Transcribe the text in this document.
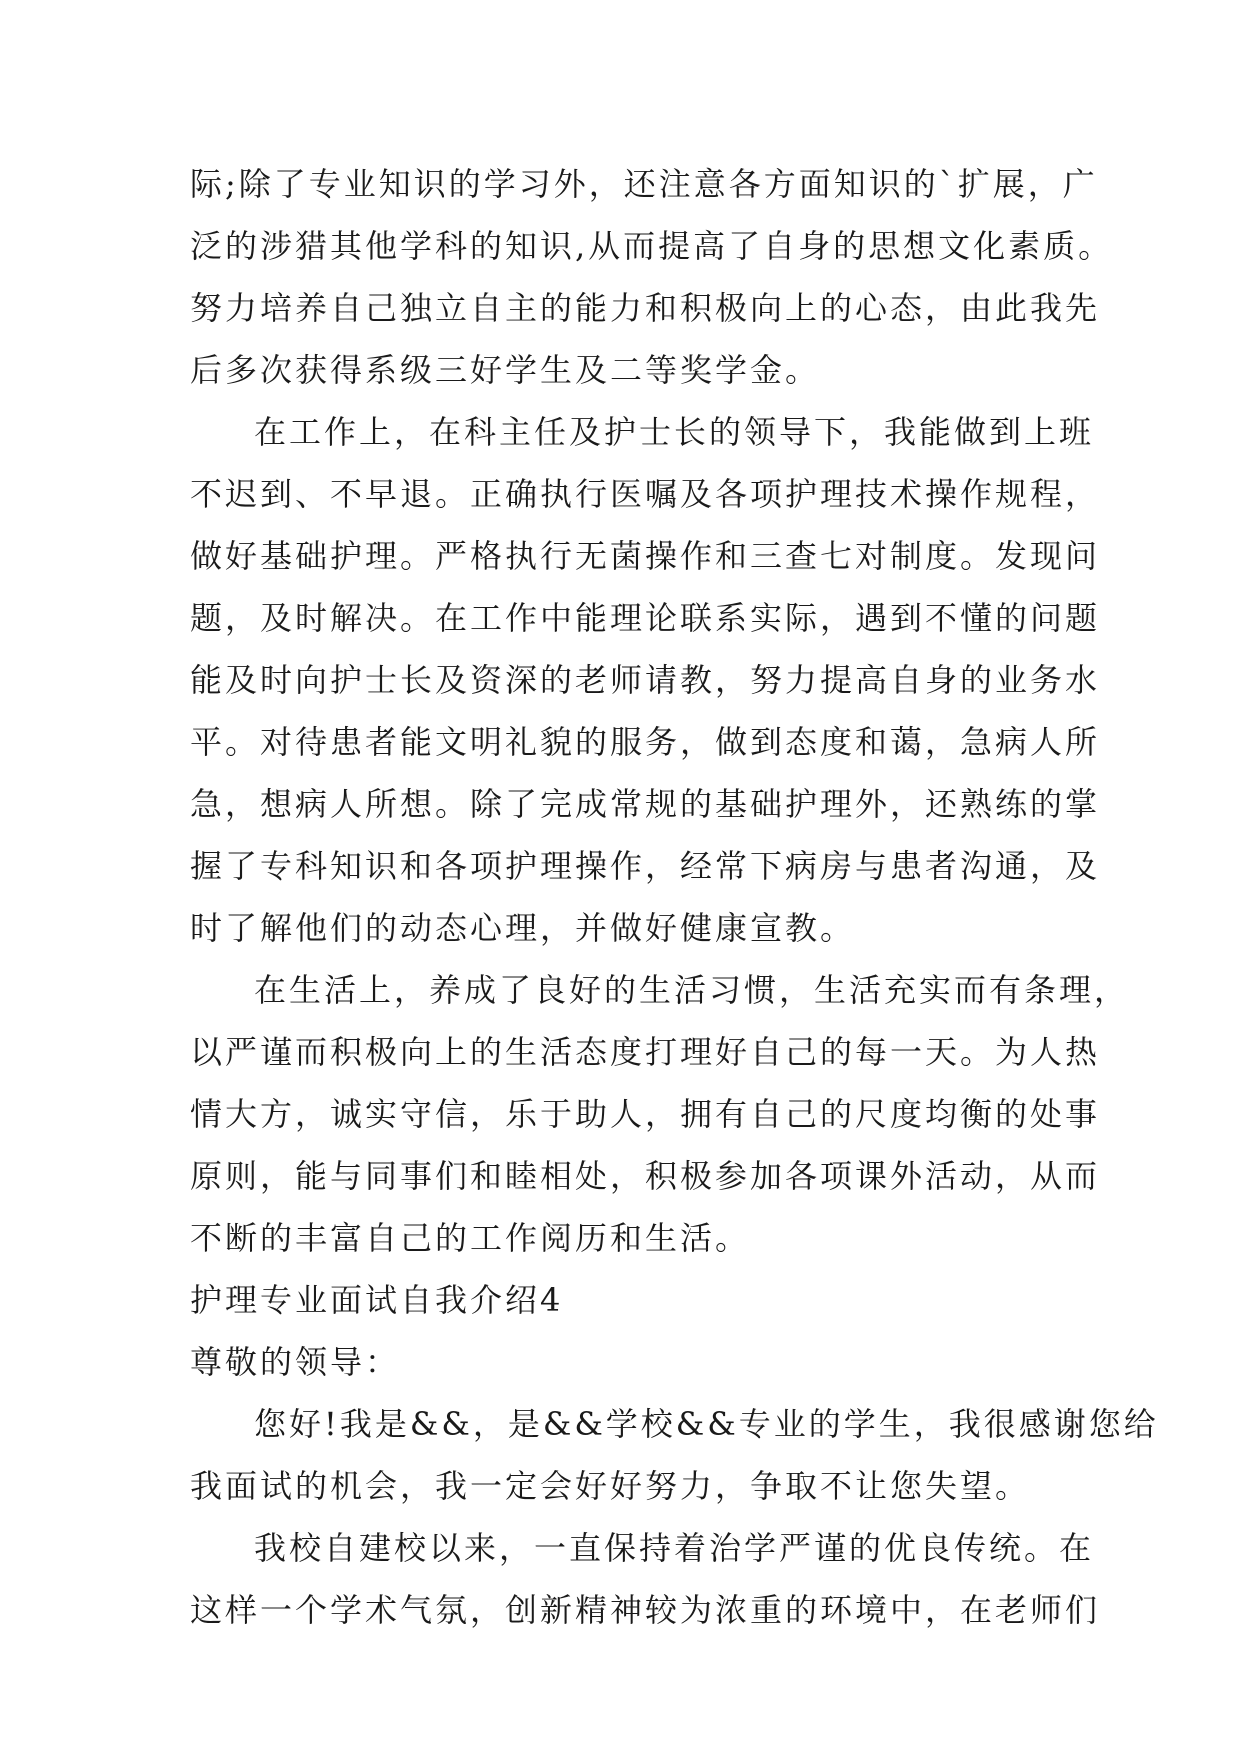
际;除了专业知识的学习外，还注意各方面知识的`扩展，广
泛的涉猎其他学科的知识,从而提高了自身的思想文化素质。
努力培养自己独立自主的能力和积极向上的心态，由此我先
后多次获得系级三好学生及二等奖学金。
在工作上，在科主任及护士长的领导下，我能做到上班
不迟到、不早退。正确执行医嘱及各项护理技术操作规程，
做好基础护理。严格执行无菌操作和三查七对制度。发现问
题，及时解决。在工作中能理论联系实际，遇到不懂的问题
能及时向护士长及资深的老师请教，努力提高自身的业务水
平。对待患者能文明礼貌的服务，做到态度和蔼，急病人所
急，想病人所想。除了完成常规的基础护理外，还熟练的掌
握了专科知识和各项护理操作，经常下病房与患者沟通，及
时了解他们的动态心理，并做好健康宣教。
在生活上，养成了良好的生活习惯，生活充实而有条理，
以严谨而积极向上的生活态度打理好自己的每一天。为人热
情大方，诚实守信，乐于助人，拥有自己的尺度均衡的处事
原则，能与同事们和睦相处，积极参加各项课外活动，从而
不断的丰富自己的工作阅历和生活。
护理专业面试自我介绍4
尊敬的领导：
您好!我是&&，是&&学校&&专业的学生，我很感谢您给
我面试的机会，我一定会好好努力，争取不让您失望。
我校自建校以来，一直保持着治学严谨的优良传统。在
这样一个学术气氛，创新精神较为浓重的环境中，在老师们
